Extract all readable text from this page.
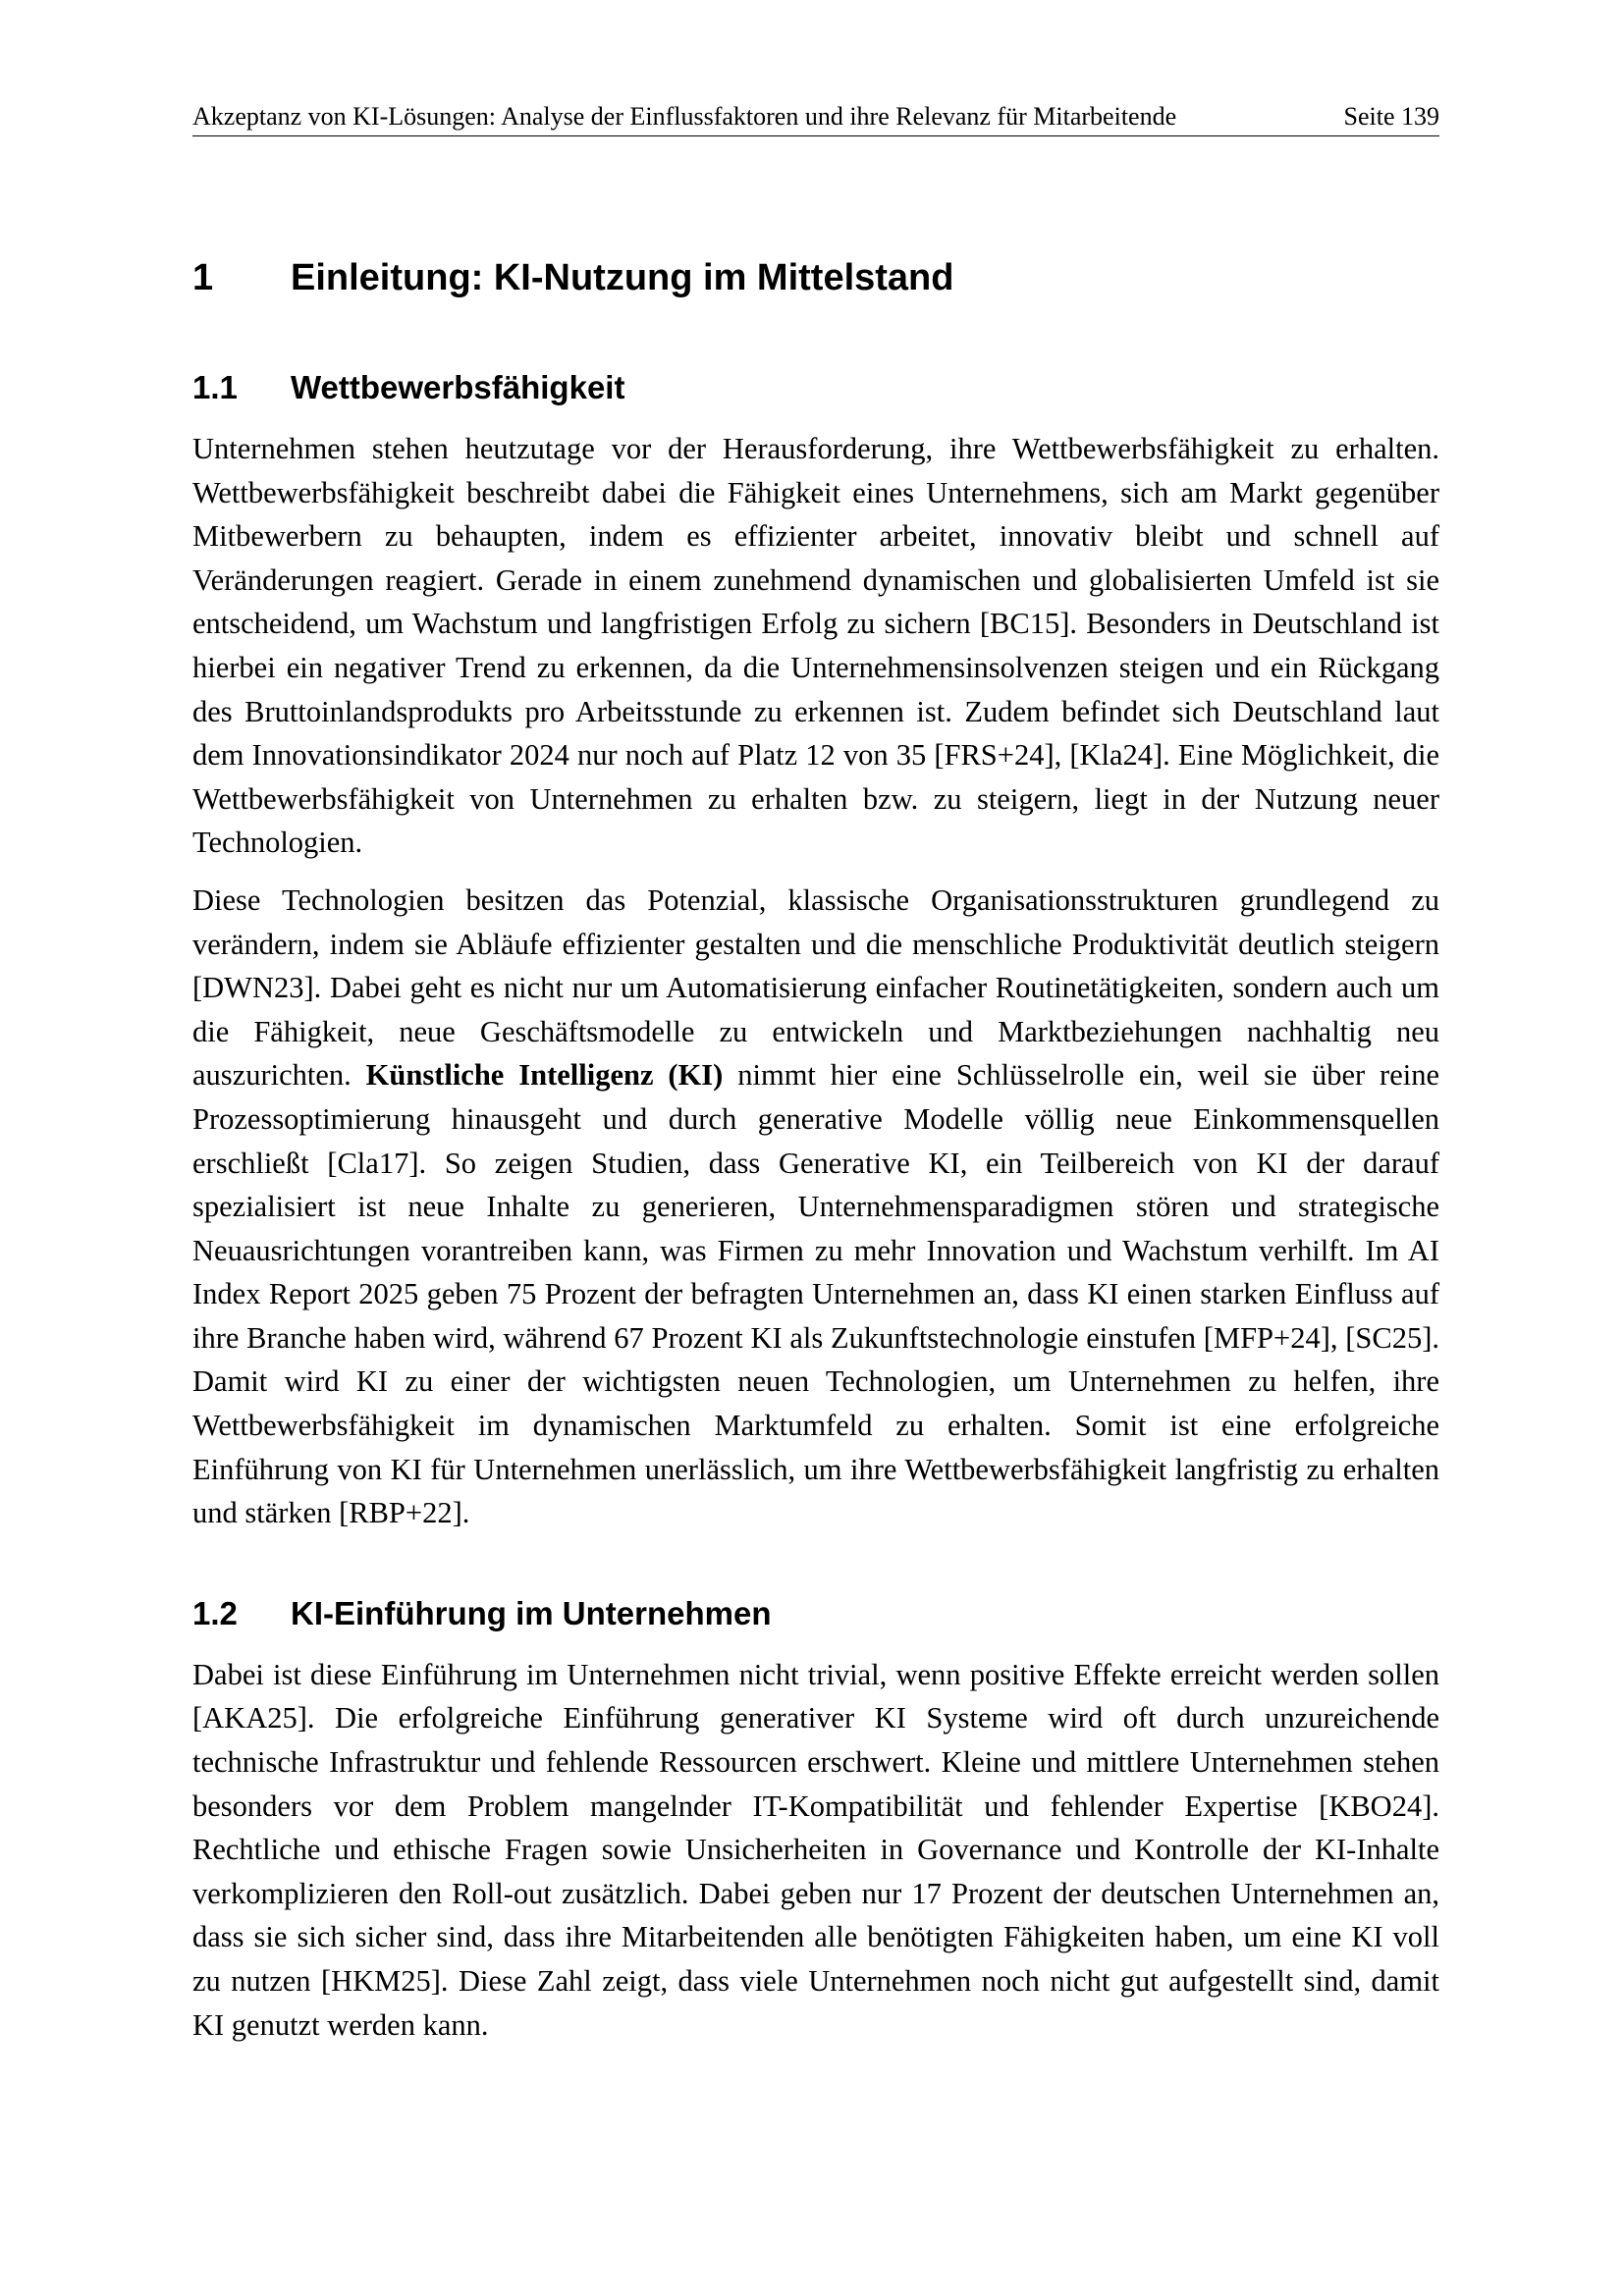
Akzeptanz von KI-Lösungen: Analyse der Einflussfaktoren und ihre Relevanz für Mitarbeitende	Seite 139
1	Einleitung: KI-Nutzung im Mittelstand
1.1	Wettbewerbsfähigkeit

Unternehmen stehen heutzutage vor der Herausforderung, ihre Wettbewerbsfähigkeit zu erhalten. Wettbewerbsfähigkeit beschreibt dabei die Fähigkeit eines Unternehmens, sich am Markt gegenüber Mitbewerbern zu behaupten, indem es effizienter arbeitet, innovativ bleibt und schnell auf Veränderungen reagiert. Gerade in einem zunehmend dynamischen und globalisierten Umfeld ist sie entscheidend, um Wachstum und langfristigen Erfolg zu sichern [BC15]. Besonders in Deutschland ist hierbei ein negativer Trend zu erkennen, da die Unternehmensinsolvenzen steigen und ein Rückgang des Bruttoinlandsprodukts pro Arbeitsstunde zu erkennen ist. Zudem befindet sich Deutschland laut dem Innovationsindikator 2024 nur noch auf Platz 12 von 35 [FRS+24], [Kla24]. Eine Möglichkeit, die Wettbewerbsfähigkeit von Unternehmen zu erhalten bzw. zu steigern, liegt in der Nutzung neuer Technologien.

Diese Technologien besitzen das Potenzial, klassische Organisationsstrukturen grundlegend zu verändern, indem sie Abläufe effizienter gestalten und die menschliche Produktivität deutlich steigern [DWN23]. Dabei geht es nicht nur um Automatisierung einfacher Routinetätigkeiten, sondern auch um die Fähigkeit, neue Geschäftsmodelle zu entwickeln und Marktbeziehungen nachhaltig neu auszurichten. Künstliche Intelligenz (KI) nimmt hier eine Schlüsselrolle ein, weil sie über reine Prozessoptimierung hinausgeht und durch generative Modelle völlig neue Einkommensquellen erschließt [Cla17]. So zeigen Studien, dass Generative KI, ein Teilbereich von KI der darauf spezialisiert ist neue Inhalte zu generieren, Unternehmensparadigmen stören und strategische Neuausrichtungen vorantreiben kann, was Firmen zu mehr Innovation und Wachstum verhilft. Im AI Index Report 2025 geben 75 Prozent der befragten Unternehmen an, dass KI einen starken Einfluss auf ihre Branche haben wird, während 67 Prozent KI als Zukunftstechnologie einstufen [MFP+24], [SC25]. Damit wird KI zu einer der wichtigsten neuen Technologien, um Unternehmen zu helfen, ihre Wettbewerbsfähigkeit im dynamischen Marktumfeld zu erhalten. Somit ist eine erfolgreiche Einführung von KI für Unternehmen unerlässlich, um ihre Wettbewerbsfähigkeit langfristig zu erhalten und stärken [RBP+22].

1.2	KI-Einführung im Unternehmen

Dabei ist diese Einführung im Unternehmen nicht trivial, wenn positive Effekte erreicht werden sollen [AKA25]. Die erfolgreiche Einführung generativer KI Systeme wird oft durch unzureichende technische Infrastruktur und fehlende Ressourcen erschwert. Kleine und mittlere Unternehmen stehen besonders vor dem Problem mangelnder IT-Kompatibilität und fehlender Expertise [KBO24]. Rechtliche und ethische Fragen sowie Unsicherheiten in Governance und Kontrolle der KI-Inhalte verkomplizieren den Roll-out zusätzlich. Dabei geben nur 17 Prozent der deutschen Unternehmen an, dass sie sich sicher sind, dass ihre Mitarbeitenden alle benötigten Fähigkeiten haben, um eine KI voll zu nutzen [HKM25]. Diese Zahl zeigt, dass viele Unternehmen noch nicht gut aufgestellt sind, damit KI genutzt werden kann.
